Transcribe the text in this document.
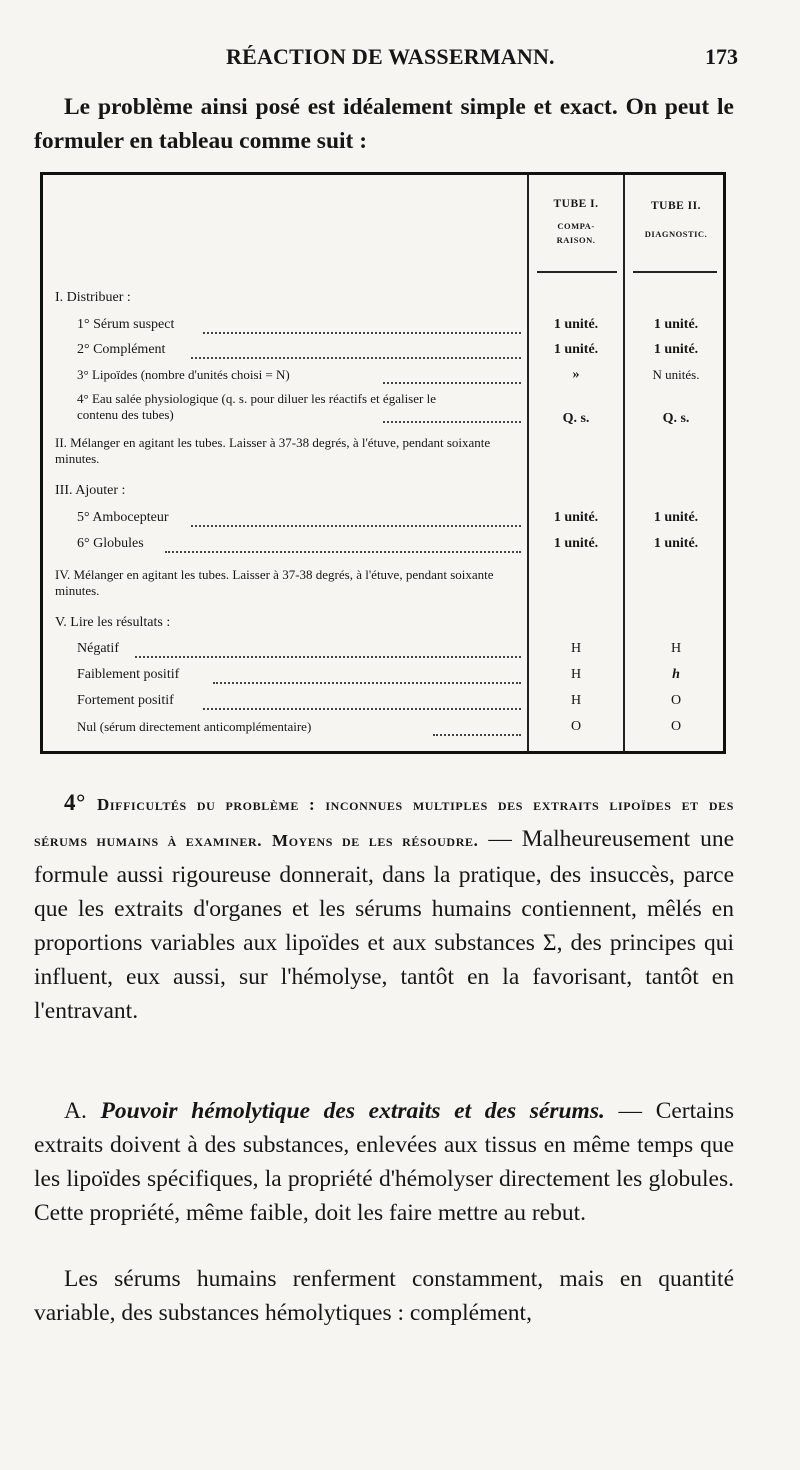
RÉACTION DE WASSERMANN.	173

Le problème ainsi posé est idéalement simple et exact. On peut le formuler en tableau comme suit :

TUBE I.
COMPA-RAISON.
TUBE II.
DIAGNOSTIC.
I. Distribuer :
1° Sérum suspect	1 unité.	1 unité.
2° Complément	1 unité.	1 unité.
3° Lipoïdes (nombre d'unités choisi = N)	»	N unités.
4° Eau salée physiologique (q. s. pour diluer les réactifs et égaliser le contenu des tubes)	Q. s.	Q. s.
II. Mélanger en agitant les tubes. Laisser à 37-38 degrés, à l'étuve, pendant soixante minutes.
III. Ajouter :
5° Ambocepteur	1 unité.	1 unité.
6° Globules	1 unité.	1 unité.
IV. Mélanger en agitant les tubes. Laisser à 37-38 degrés, à l'étuve, pendant soixante minutes.
V. Lire les résultats :
Négatif	H	H
Faiblement positif	H	h
Fortement positif	H	O
Nul (sérum directement anticomplémentaire)	O	O

4° Difficultés du problème : inconnues multiples des extraits lipoïdes et des sérums humains à examiner. Moyens de les résoudre. — Malheureusement une formule aussi rigoureuse donnerait, dans la pratique, des insuccès, parce que les extraits d'organes et les sérums humains contiennent, mêlés en proportions variables aux lipoïdes et aux substances Σ, des principes qui influent, eux aussi, sur l'hémolyse, tantôt en la favorisant, tantôt en l'entravant.

A. Pouvoir hémolytique des extraits et des sérums. — Certains extraits doivent à des substances, enlevées aux tissus en même temps que les lipoïdes spécifiques, la propriété d'hémolyser directement les globules. Cette propriété, même faible, doit les faire mettre au rebut.

Les sérums humains renferment constamment, mais en quantité variable, des substances hémolytiques : complément,
